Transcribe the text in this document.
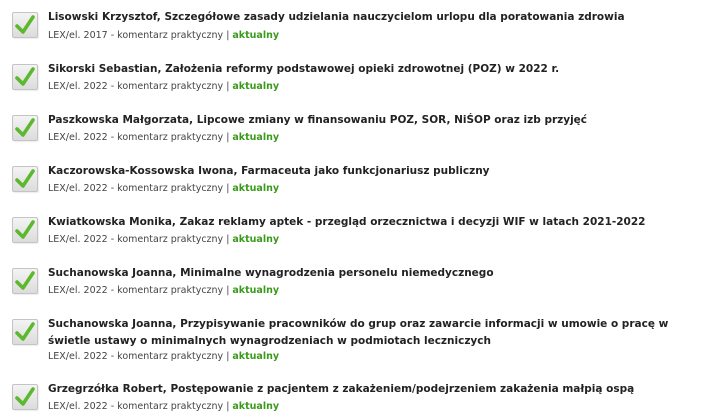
Lisowski Krzysztof, Szczegółowe zasady udzielania nauczycielom urlopu dla poratowania zdrowia
LEX/el. 2017 - komentarz praktyczny | aktualny
Sikorski Sebastian, Założenia reformy podstawowej opieki zdrowotnej (POZ) w 2022 r.
LEX/el. 2022 - komentarz praktyczny | aktualny
Paszkowska Małgorzata, Lipcowe zmiany w finansowaniu POZ, SOR, NiŚOP oraz izb przyjęć
LEX/el. 2022 - komentarz praktyczny | aktualny
Kaczorowska-Kossowska Iwona, Farmaceuta jako funkcjonariusz publiczny
LEX/el. 2022 - komentarz praktyczny | aktualny
Kwiatkowska Monika, Zakaz reklamy aptek - przegląd orzecznictwa i decyzji WIF w latach 2021-2022
LEX/el. 2022 - komentarz praktyczny | aktualny
Suchanowska Joanna, Minimalne wynagrodzenia personelu niemedycznego
LEX/el. 2022 - komentarz praktyczny | aktualny
Suchanowska Joanna, Przypisywanie pracowników do grup oraz zawarcie informacji w umowie o pracę w świetle ustawy o minimalnych wynagrodzeniach w podmiotach leczniczych
LEX/el. 2022 - komentarz praktyczny | aktualny
Grzegrzółka Robert, Postępowanie z pacjentem z zakażeniem/podejrzeniem zakażenia małpią ospą
LEX/el. 2022 - komentarz praktyczny | aktualny
